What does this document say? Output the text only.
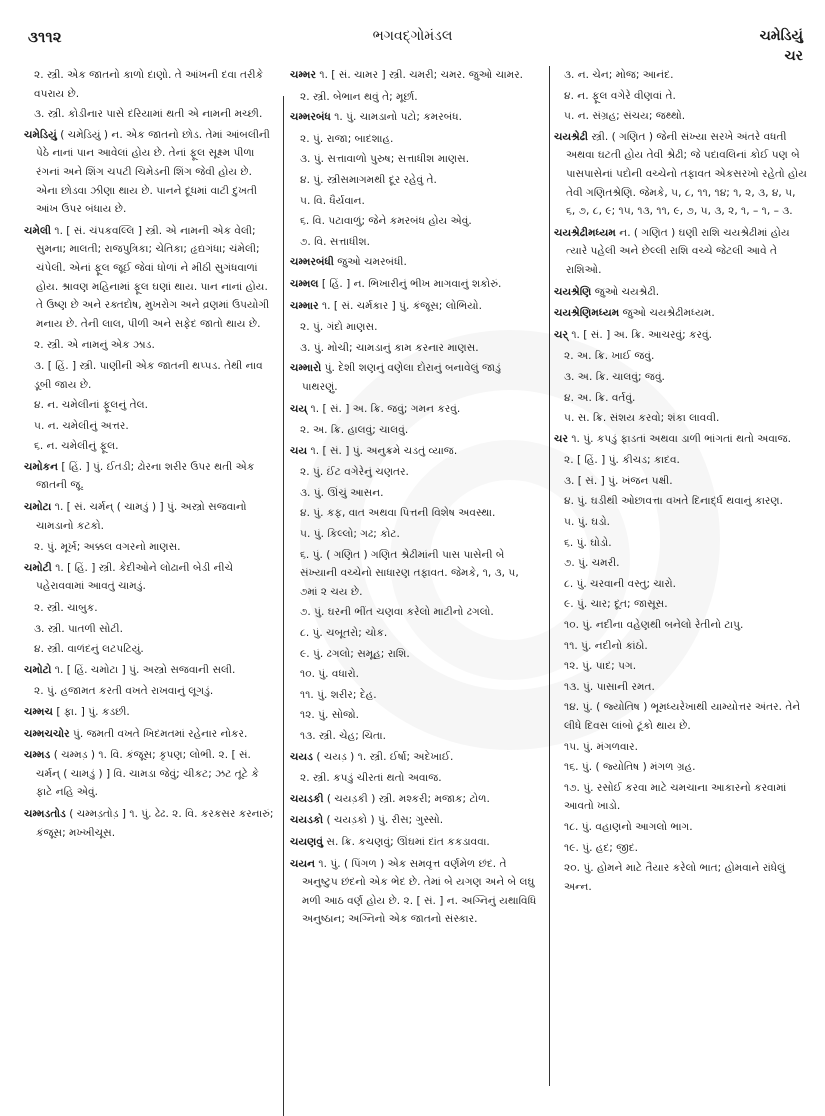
૩૧૧૨	ભગવદ્ગોમંડલ	ચમેડિયું
ચર
૨. સ્ત્રી. એક જાતનો કાળો દાણો. તે આંખની દવા તરીકે વપરાય છે.
૩. સ્ત્રી. કોડીનાર પાસે દરિયામાં થતી એ નામની મચ્છી.
ચમેડિયું ( ચમેડિ઼યું ) ન. એક જાતનો છોડ. તેમાં આંબલીની પેઠે નાનાં પાન આવેલાં હોય છે. તેનાં ફૂલ સૂક્ષ્મ પીળા રંગનાં અને શિંગ ચપટી ચિમેડની શિંગ જેવી હોય છે. એના છોડવા ઝીણા થાય છે. પાનને દૂધમાં વાટી દુખતી આંખ ઉપર બંધાય છે.
ચમેલી ૧. [ સં. ચંપકવલ્લિ ] સ્ત્રી. એ નામની એક વેલી; સુમના; માલતી; રાજપુત્રિકા; ચેતિકા; હૃદ્યગંધા; ચંમેલી; ચંપેલી. એનાં ફૂલ જૂઈ જેવાં ધોળાં ને મીઠી સુગંધવાળાં હોય. શ્રાવણ મહિનામાં ફૂલ ઘણાં થાય. પાન નાનાં હોય. તે ઉષ્ણ છે અને રક્તદોષ, મુખરોગ અને વ્રણમાં ઉપયોગી મનાય છે. તેની લાલ, પીળી અને સફેદ જાતો થાય છે.
૨. સ્ત્રી. એ નામનું એક ઝાડ.
૩. [ હિં. ] સ્ત્રી. પાણીની એક જાતની થપ્પડ. તેથી નાવ ડૂબી જાય છે.
૪. ન. ચમેલીનાં ફૂલનું તેલ.
૫. ન. ચમેલીનું અત્તર.
૬. ન. ચમેલીનું ફૂલ.
ચમોકન [ હિં. ] પું. ઈતડી; ઢોરના શરીર ઉપર થતી એક જાતની જૂ.
ચમોટા ૧. [ સં. ચર્મન્ ( ચામડું ) ] પું. અસ્ત્રો સજવાનો ચામડાનો કટકો.
૨. પું. મૂર્ખ; અક્કલ વગરનો માણસ.
ચમોટી ૧. [ હિં. ] સ્ત્રી. કેદીઓને લોઢાની બેડી નીચે પહેરાવવામાં આવતું ચામડું.
૨. સ્ત્રી. ચાબુક.
૩. સ્ત્રી. પાતળી સોટી.
૪. સ્ત્રી. વાળંદનું લટપટિયું.
ચમોટો ૧. [ હિં. ચમોટા ] પું. અસ્ત્રો સજવાની સલી.
૨. પું. હજામત કરતી વખતે રાખવાનું લૂગડું.
ચમ્મચ [ ફા. ] પું. કડછી.
ચમ્મચચોર પું. જમતી વખતે ખિદમતમાં રહેનાર નોકર.
ચમ્મડ ( ચમ્મડ઼ ) ૧. વિ. કંજૂસ; કૃપણ; લોભી. ૨. [ સં. ચર્મન્ ( ચામડું ) ] વિ. ચામડા જેવું; ચીકટ; ઝટ તૂટે કે ફાટે નહિ એવું.
ચમ્મડતોડ ( ચમ્મડ઼તોડ઼ ] ૧. પું. ઢેઢ. ૨. વિ. કરકસર કરનારું; કંજૂસ; મખ્ખીચૂસ.
ચમ્મર ૧. [ સં. ચામર ] સ્ત્રી. ચમરી; ચમર. જુઓ ચામર.
૨. સ્ત્રી. બેભાન થવું તે; મૂર્છા.
ચમ્મરબંધ ૧. પું. ચામડાનો પટો; કમરબંધ.
૨. પું. રાજા; બાદશાહ.
૩. પું. સત્તાવાળો પુરુષ; સત્તાધીશ માણસ.
૪. પું. સ્ત્રીસમાગમથી દૂર રહેવું તે.
૫. વિ. ધૈર્યવાન.
૬. વિ. પટાવાળું; જેને કમરબંધ હોય એવું.
૭. વિ. સત્તાધીશ.
ચમ્મરબંધી જુઓ ચમરબંધી.
ચમ્મલ [ હિં. ] ન. ભિખારીનું ભીખ માગવાનું શકોરું.
ચમ્માર ૧. [ સં. ચર્મકાર ] પું. કંજૂસ; લોભિયો.
૨. પું. ગંદો માણસ.
૩. પું. મોચી; ચામડાનું કામ કરનાર માણસ.
ચમ્મારો પું. દેશી શણનું વણેલા દોરાનું બનાવેલું જાડું પાથરણું.
ચય્ ૧. [ સં. ] અ. ક્રિ. જવું; ગમન કરવું.
૨. અ. ક્રિ. હાલવું; ચાલવું.
ચય ૧. [ સં. ] પું. અનુક્રમે ચડતું વ્યાજ.
૨. પું. ઈંટ વગેરેનું ચણતર.
૩. પું. ઊંચું આસન.
૪. પું. કફ, વાત અથવા પિત્તની વિશેષ અવસ્થા.
૫. પું. કિલ્લો; ગઢ; કોટ.
૬. પું. ( ગણિત ) ગણિત શ્રેઢીમાંની પાસ પાસેની બે સંખ્યાની વચ્ચેનો સાધારણ તફાવત. જેમકે, ૧, ૩, ૫, ૭માં ૨ ચય છે.
૭. પું. ઘરની ભીંત ચણવા કરેલો માટીનો ઢગલો.
૮. પું. ચબૂતરો; ચોક.
૯. પું. ઢગલો; સમૂહ; રાશિ.
૧૦. પું. વધારો.
૧૧. પું. શરીર; દેહ.
૧૨. પું. સોજો.
૧૩. સ્ત્રી. ચેહ; ચિતા.
ચયડ ( ચયડ઼ ) ૧. સ્ત્રી. ઈર્ષા; અદેખાઈ.
૨. સ્ત્રી. કપડું ચીરતાં થતો અવાજ.
ચયડકી ( ચયડ઼કી ) સ્ત્રી. મશ્કરી; મજાક; ટોળ.
ચયડકો ( ચયડ઼કો ) પું. રીસ; ગુસ્સો.
ચયણવું સ. ક્રિ. કચણવું; ઊંઘમાં દાંત કકડાવવા.
ચયન ૧. પું. ( પિંગળ ) એક સમવૃત્ત વર્ણમેળ છંદ. તે અનુષ્ટુપ છંદનો એક ભેદ છે. તેમાં બે યગણ અને બે લઘુ મળી આઠ વર્ણ હોય છે. ૨. [ સં. ] ન. અગ્નિનું યથાવિધિ અનુષ્ઠાન; અગ્નિનો એક જાતનો સંસ્કાર.
૩. ન. ચેન; મોજ; આનંદ.
૪. ન. ફૂલ વગેરે વીણવાં તે.
૫. ન. સંગ્રહ; સંચય; જથ્થો.
ચયશ્રેઢી સ્ત્રી. ( ગણિત ) જેની સંખ્યા સરખે અંતરે વધતી અથવા ઘટતી હોય તેવી શ્રેઢી; જે પદાવલિનાં કોઈ પણ બે પાસપાસેનાં પદોની વચ્ચેનો તફાવત એકસરખો રહેતો હોય તેવી ગણિતશ્રેણિ. જેમકે, ૫, ૮, ૧૧, ૧૪; ૧, ૨, ૩, ૪, ૫, ૬, ૭, ૮, ૯; ૧૫, ૧૩, ૧૧, ૯, ૭, ૫, ૩, ૨, ૧, – ૧, – ૩.
ચયશ્રેઢીમધ્યમ ન. ( ગણિત ) ઘણી રાશિ ચયશ્રેઢીમાં હોય ત્યારે પહેલી અને છેલ્લી રાશિ વચ્ચે જેટલી આવે તે રાશિઓ.
ચયશ્રેણિ જુઓ ચયશ્રેઢી.
ચયશ્રેણિમધ્યમ જુઓ ચયશ્રેઢીમધ્યમ.
ચર્ ૧. [ સં. ] અ. ક્રિ. આચરવું; કરવું.
૨. અ. ક્રિ. ખાઈ જવું.
૩. અ. ક્રિ. ચાલવું; જવું.
૪. અ. ક્રિ. વર્તવું.
૫. સ. ક્રિ. સંશય કરવો; શંકા લાવવી.
ચર ૧. પું. કપડું ફાડતાં અથવા ડાળી ભાંગતાં થતો અવાજ.
૨. [ હિં. ] પું. કીચડ; કાદવ.
૩. [ સં. ] પું. ખંજન પક્ષી.
૪. પું. ઘડીથી ઓછાવત્તા વખતે દિનાર્દ્ધ થવાનું કારણ.
૫. પું. ઘડો.
૬. પું. ઘોડો.
૭. પું. ચમરી.
૮. પું. ચરવાની વસ્તુ; ચારો.
૯. પું. ચાર; દૂત; જાસૂસ.
૧૦. પું. નદીના વહેણથી બનેલો રેતીનો ટાપુ.
૧૧. પું. નદીનો કાંઠો.
૧૨. પું. પાદ; પગ.
૧૩. પું. પાસાની રમત.
૧૪. પું. ( જ્યોતિષ ) ભૂમધ્યરેખાથી યામ્યોત્તર અંતર. તેને લીધે દિવસ લાંબો ટૂંકો થાય છે.
૧૫. પું. મંગળવાર.
૧૬. પું. ( જ્યોતિષ ) મંગળ ગ્રહ.
૧૭. પું. રસોઈ કરવા માટે ચમચાના આકારનો કરવામાં આવતો ખાડો.
૧૮. પું. વહાણનો આગલો ભાગ.
૧૯. પું. હદ; જીદ.
૨૦. પું. હોમને માટે તૈયાર કરેલો ભાત; હોમવાને રાંધેલું અન્ન.
